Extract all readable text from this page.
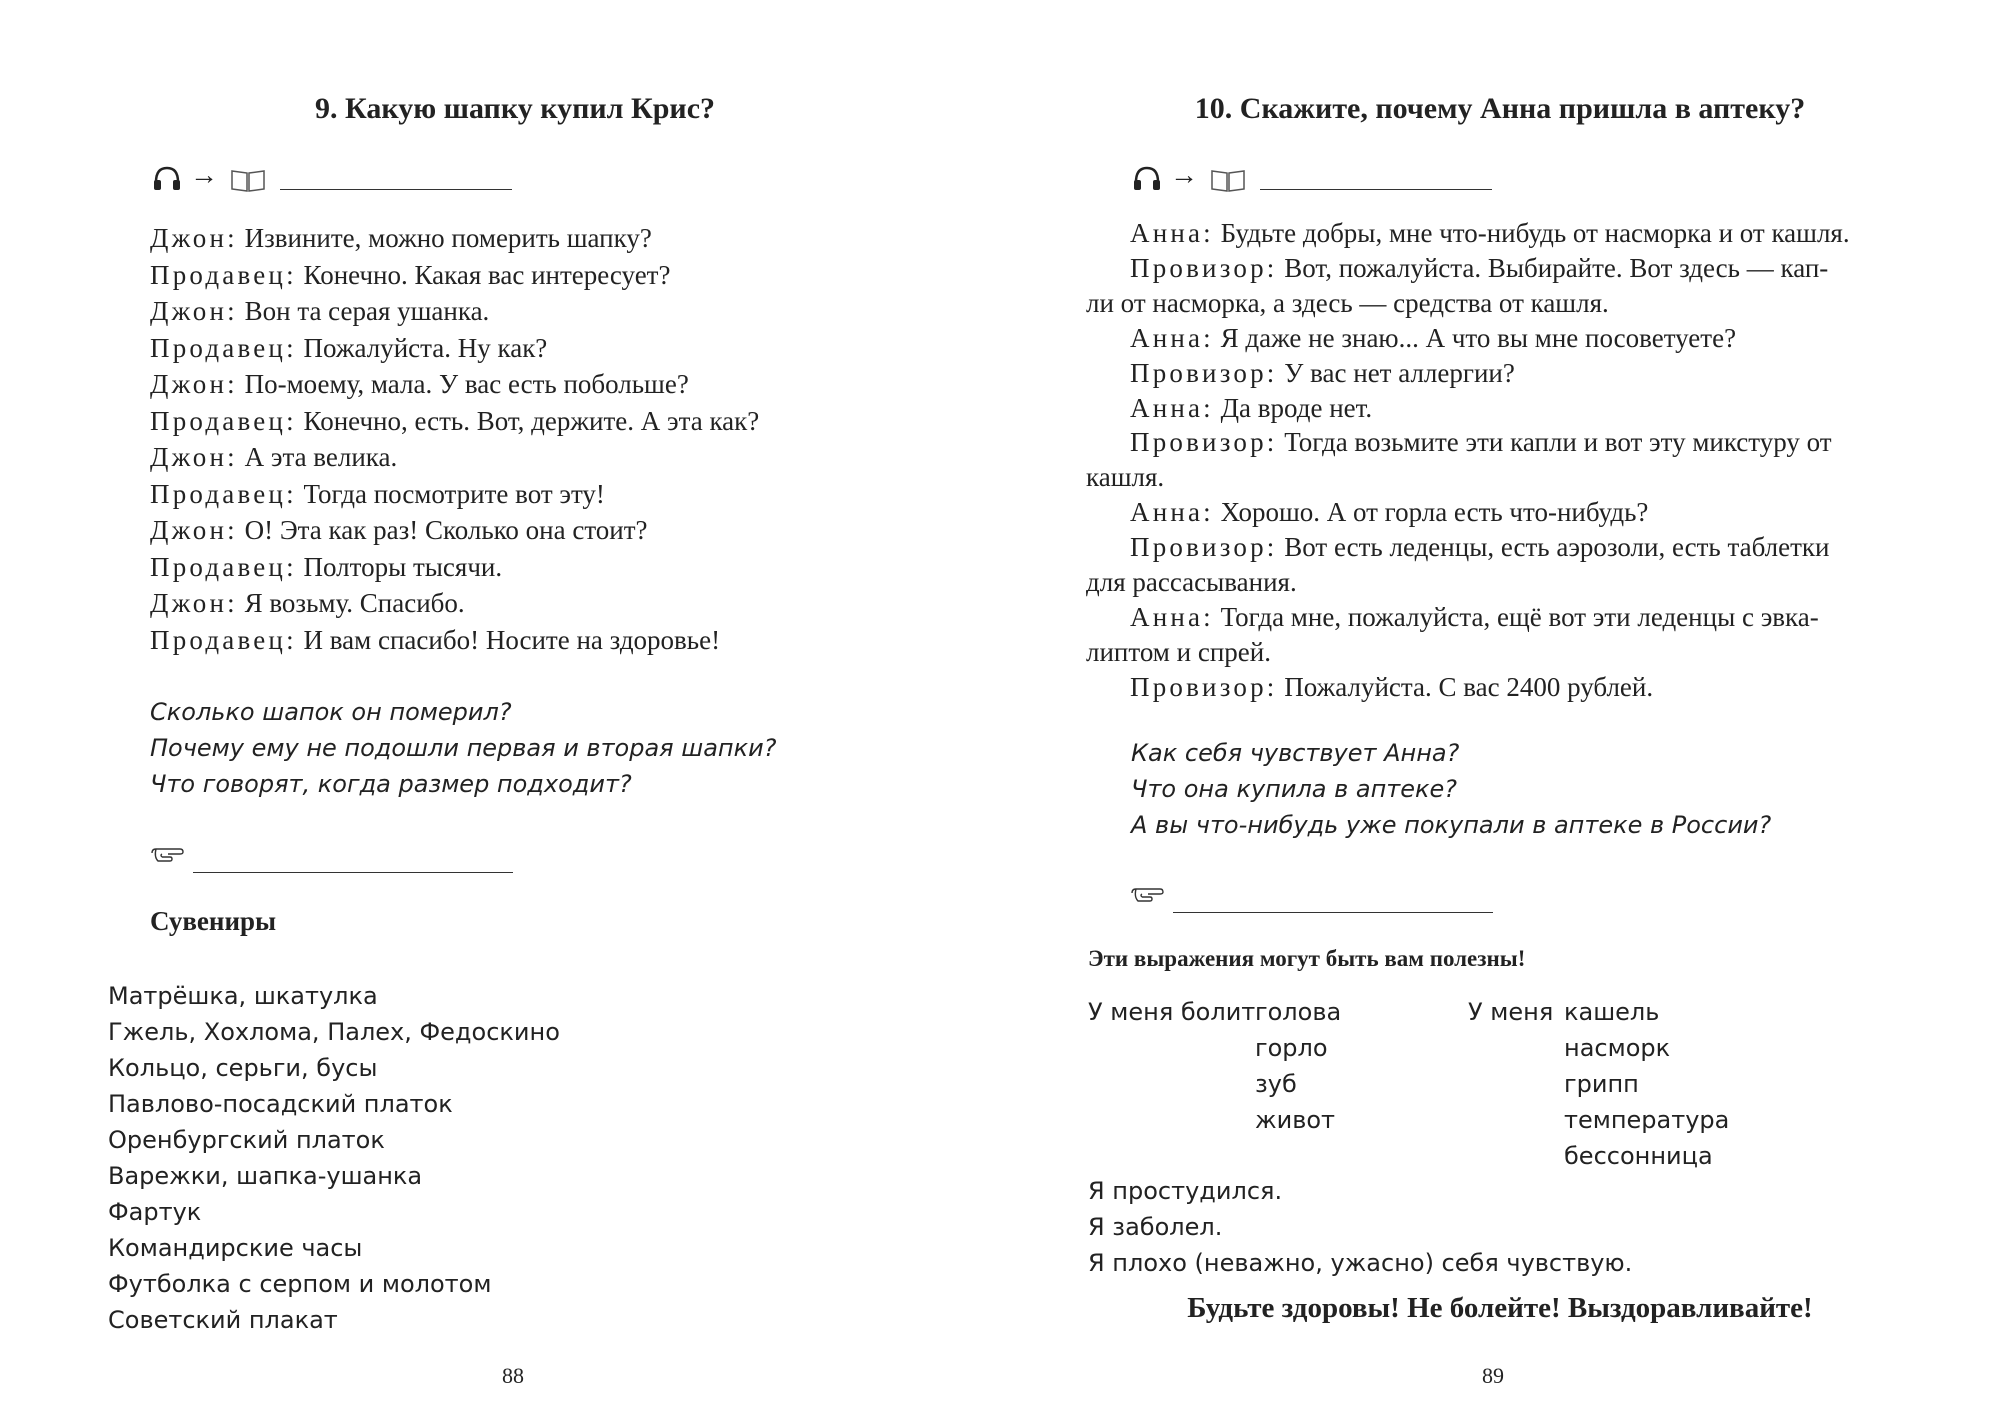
9. Какую шапку купил Крис?
→
Джон: Извините, можно померить шапку?
Продавец: Конечно. Какая вас интересует?
Джон: Вон та серая ушанка.
Продавец: Пожалуйста. Ну как?
Джон: По-моему, мала. У вас есть побольше?
Продавец: Конечно, есть. Вот, держите. А эта как?
Джон: А эта велика.
Продавец: Тогда посмотрите вот эту!
Джон: О! Эта как раз! Сколько она стоит?
Продавец: Полторы тысячи.
Джон: Я возьму. Спасибо.
Продавец: И вам спасибо! Носите на здоровье!
Сколько шапок он померил?
Почему ему не подошли первая и вторая шапки?
Что говорят, когда размер подходит?
Сувениры
Матрёшка, шкатулка
Гжель, Хохлома, Палех, Федоскино
Кольцо, серьги, бусы
Павлово-посадский платок
Оренбургский платок
Варежки, шапка-ушанка
Фартук
Командирские часы
Футболка с серпом и молотом
Советский плакат
88
10. Скажите, почему Анна пришла в аптеку?
→
Анна: Будьте добры, мне что-нибудь от насморка и от кашля.
Провизор: Вот, пожалуйста. Выбирайте. Вот здесь — кап-
ли от насморка, а здесь — средства от кашля.
Анна: Я даже не знаю... А что вы мне посоветуете?
Провизор: У вас нет аллергии?
Анна: Да вроде нет.
Провизор: Тогда возьмите эти капли и вот эту микстуру от
кашля.
Анна: Хорошо. А от горла есть что-нибудь?
Провизор: Вот есть леденцы, есть аэрозоли, есть таблетки
для рассасывания.
Анна: Тогда мне, пожалуйста, ещё вот эти леденцы с эвка-
липтом и спрей.
Провизор: Пожалуйста. С вас 2400 рублей.
Как себя чувствует Анна?
Что она купила в аптеке?
А вы что-нибудь уже покупали в аптеке в России?
Эти выражения могут быть вам полезны!
У меня болит голова
горло
зуб
живот
У меня кашель
насморк
грипп
температура
бессонница
Я простудился.
Я заболел.
Я плохо (неважно, ужасно) себя чувствую.
Будьте здоровы! Не болейте! Выздоравливайте!
89
